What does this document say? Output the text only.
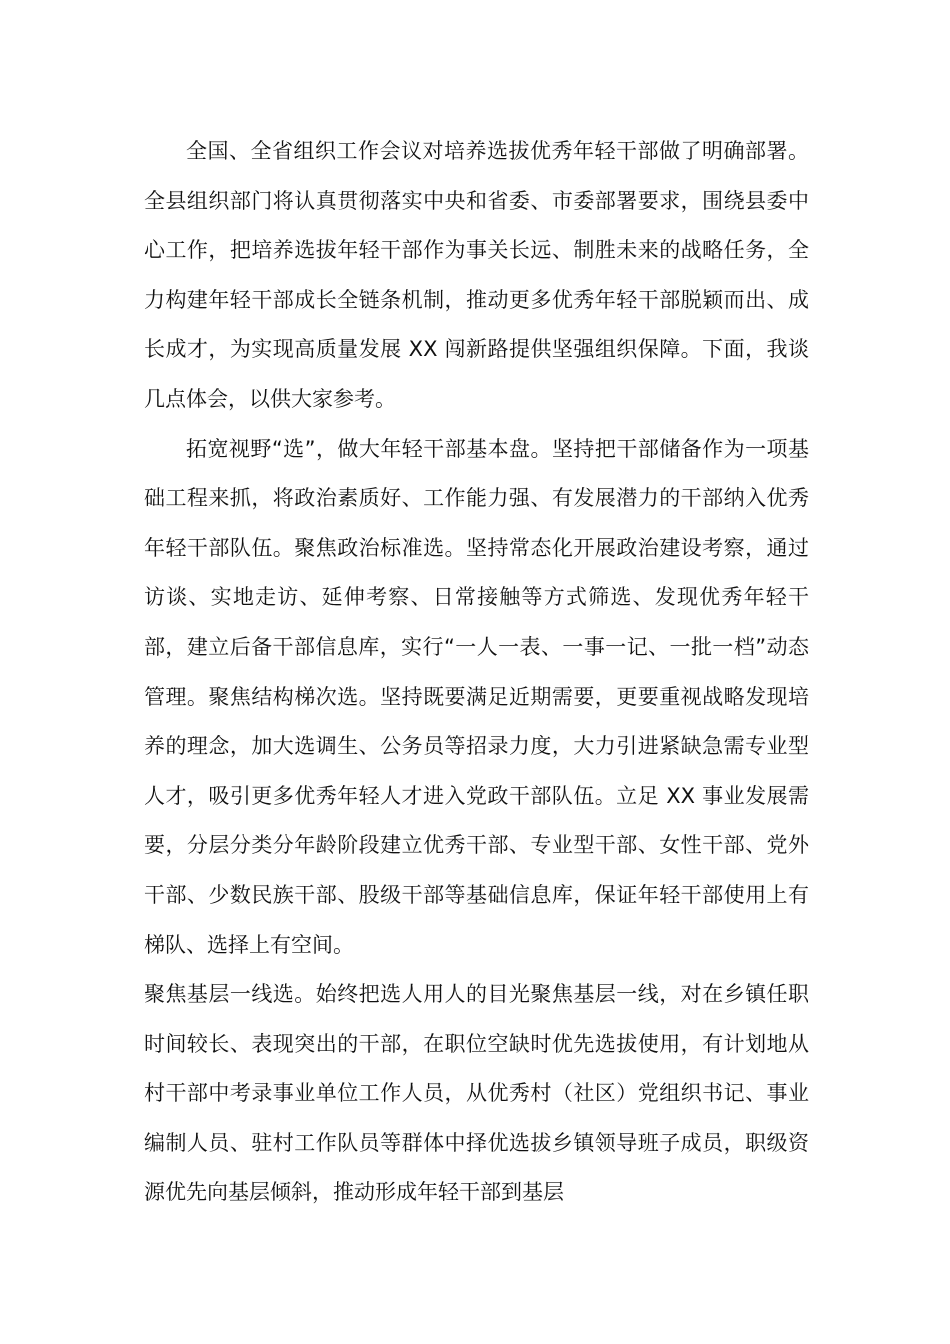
全国、全省组织工作会议对培养选拔优秀年轻干部做了明确部署。全县组织部门将认真贯彻落实中央和省委、市委部署要求，围绕县委中心工作，把培养选拔年轻干部作为事关长远、制胜未来的战略任务，全力构建年轻干部成长全链条机制，推动更多优秀年轻干部脱颖而出、成长成才，为实现高质量发展 XX 闯新路提供坚强组织保障。下面，我谈几点体会，以供大家参考。

拓宽视野“选”，做大年轻干部基本盘。坚持把干部储备作为一项基础工程来抓，将政治素质好、工作能力强、有发展潜力的干部纳入优秀年轻干部队伍。聚焦政治标准选。坚持常态化开展政治建设考察，通过访谈、实地走访、延伸考察、日常接触等方式筛选、发现优秀年轻干部，建立后备干部信息库，实行“一人一表、一事一记、一批一档”动态管理。聚焦结构梯次选。坚持既要满足近期需要，更要重视战略发现培养的理念，加大选调生、公务员等招录力度，大力引进紧缺急需专业型人才，吸引更多优秀年轻人才进入党政干部队伍。立足 XX 事业发展需要，分层分类分年龄阶段建立优秀干部、专业型干部、女性干部、党外干部、少数民族干部、股级干部等基础信息库，保证年轻干部使用上有梯队、选择上有空间。

聚焦基层一线选。始终把选人用人的目光聚焦基层一线，对在乡镇任职时间较长、表现突出的干部，在职位空缺时优先选拔使用，有计划地从村干部中考录事业单位工作人员，从优秀村（社区）党组织书记、事业编制人员、驻村工作队员等群体中择优选拔乡镇领导班子成员，职级资源优先向基层倾斜，推动形成年轻干部到基层
